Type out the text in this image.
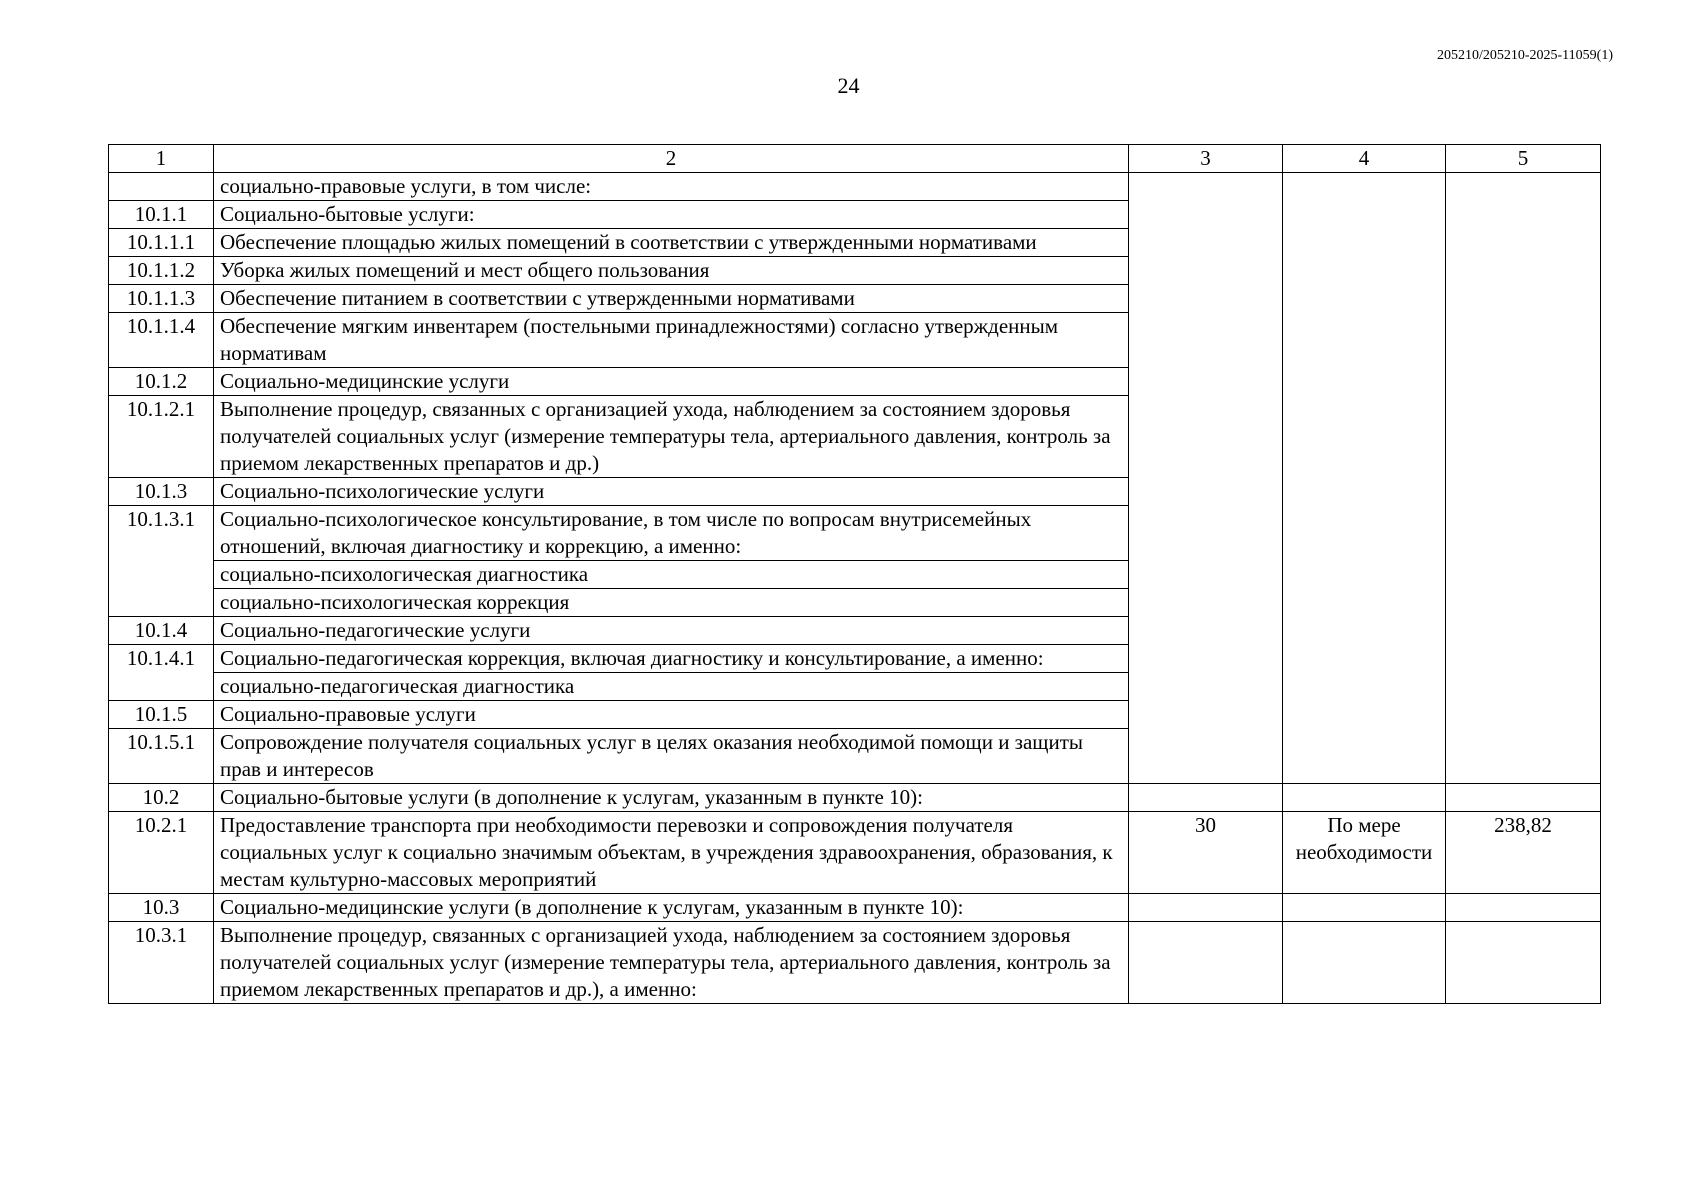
205210/205210-2025-11059(1)
24
1	2	3	4	5
	социально-правовые услуги, в том числе:			
10.1.1	Социально-бытовые услуги:			
10.1.1.1	Обеспечение площадью жилых помещений в соответствии с утвержденными нормативами			
10.1.1.2	Уборка жилых помещений и мест общего пользования			
10.1.1.3	Обеспечение питанием в соответствии с утвержденными нормативами			
10.1.1.4	Обеспечение мягким инвентарем (постельными принадлежностями) согласно утвержденным нормативам			
10.1.2	Социально-медицинские услуги			
10.1.2.1	Выполнение процедур, связанных с организацией ухода, наблюдением за состоянием здоровья получателей социальных услуг (измерение температуры тела, артериального давления, контроль за приемом лекарственных препаратов и др.)			
10.1.3	Социально-психологические услуги			
10.1.3.1	Социально-психологическое консультирование, в том числе по вопросам внутрисемейных отношений, включая диагностику и коррекцию, а именно:			
	социально-психологическая диагностика			
	социально-психологическая коррекция			
10.1.4	Социально-педагогические услуги			
10.1.4.1	Социально-педагогическая коррекция, включая диагностику и консультирование, а именно:			
	социально-педагогическая диагностика			
10.1.5	Социально-правовые услуги			
10.1.5.1	Сопровождение получателя социальных услуг в целях оказания необходимой помощи и защиты прав и интересов			
10.2	Социально-бытовые услуги (в дополнение к услугам, указанным в пункте 10):			
10.2.1	Предоставление транспорта при необходимости перевозки и сопровождения получателя социальных услуг к социально значимым объектам, в учреждения здравоохранения, образования, к местам культурно-массовых мероприятий	30	По мере необходимости	238,82
10.3	Социально-медицинские услуги (в дополнение к услугам, указанным в пункте 10):			
10.3.1	Выполнение процедур, связанных с организацией ухода, наблюдением за состоянием здоровья получателей социальных услуг (измерение температуры тела, артериального давления, контроль за приемом лекарственных препаратов и др.), а именно:			
